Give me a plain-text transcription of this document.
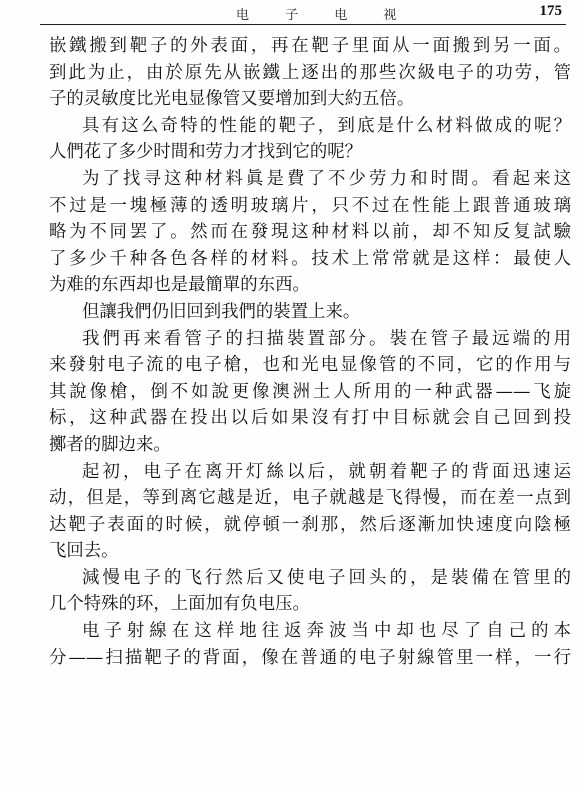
电 子 电 视	175
嵌鐵搬到靶子的外表面，再在靶子里面从一面搬到另一面。
到此为止，由於原先从嵌鐵上逐出的那些次級电子的功劳，管
子的灵敏度比光电显像管又要增加到大約五倍。
具有这么奇特的性能的靶子，到底是什么材料做成的呢？
人們花了多少时間和劳力才找到它的呢？
为了找寻这种材料眞是費了不少劳力和时間。看起来这
不过是一塊極薄的透明玻璃片，只不过在性能上跟普通玻璃
略为不同罢了。然而在發現这种材料以前，却不知反复試驗
了多少千种各色各样的材料。技术上常常就是这样：最使人
为难的东西却也是最簡單的东西。
但讓我們仍旧回到我們的裝置上来。
我們再来看管子的扫描裝置部分。裝在管子最远端的用
来發射电子流的电子槍，也和光电显像管的不同，它的作用与
其說像槍，倒不如說更像澳洲土人所用的一种武器——飞旋
标，这种武器在投出以后如果沒有打中目标就会自己回到投
擲者的脚边来。
起初，电子在离开灯絲以后，就朝着靶子的背面迅速运
动，但是，等到离它越是近，电子就越是飞得慢，而在差一点到
达靶子表面的时候，就停頓一刹那，然后逐漸加快速度向陰極
飞回去。
減慢电子的飞行然后又使电子回头的，是裝備在管里的
几个特殊的环，上面加有负电压。
电子射線在这样地往返奔波当中却也尽了自己的本
分——扫描靶子的背面，像在普通的电子射線管里一样，一行
